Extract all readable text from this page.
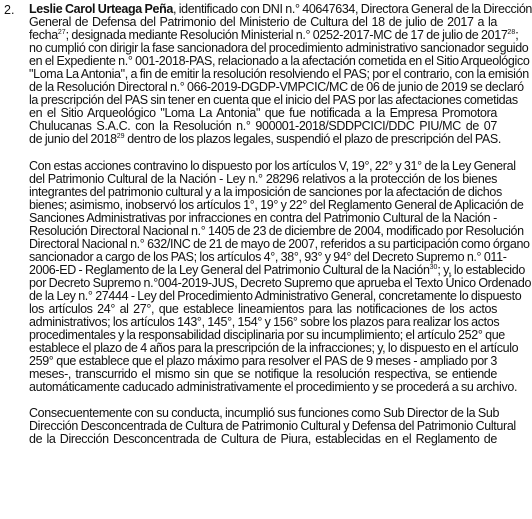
2. Leslie Carol Urteaga Peña, identificado con DNI n.° 40647634, Directora General de la Dirección
General de Defensa del Patrimonio del Ministerio de Cultura del 18 de julio de 2017 a la
fecha$^{27}$; designada mediante Resolución Ministerial n.° 0252-2017-MC de 17 de julio de 2017$^{28}$;
no cumplió con dirigir la fase sancionadora del procedimiento administrativo sancionador seguido
en el Expediente n.° 001-2018-PAS, relacionado a la afectación cometida en el Sitio Arqueológico
"Loma La Antonia", a fin de emitir la resolución resolviendo el PAS; por el contrario, con la emisión
de la Resolución Directoral n.° 066-2019-DGDP-VMPCIC/MC de 06 de junio de 2019 se declaró
la prescripción del PAS sin tener en cuenta que el inicio del PAS por las afectaciones cometidas
en el Sitio Arqueológico "Loma La Antonia" que fue notificada a la Empresa Promotora
Chulucanas S.A.C. con la Resolución n.° 900001-2018/SDDPCICI/DDC PIU/MC de 07
de junio del 2018$^{29}$ dentro de los plazos legales, suspendió el plazo de prescripción del PAS.
Con estas acciones contravino lo dispuesto por los artículos V, 19°, 22° y 31° de la Ley General
del Patrimonio Cultural de la Nación - Ley n.° 28296 relativos a la protección de los bienes
integrantes del patrimonio cultural y a la imposición de sanciones por la afectación de dichos
bienes; asimismo, inobservó los artículos 1°, 19° y 22° del Reglamento General de Aplicación de
Sanciones Administrativas por infracciones en contra del Patrimonio Cultural de la Nación -
Resolución Directoral Nacional n.° 1405 de 23 de diciembre de 2004, modificado por Resolución
Directoral Nacional n.° 632/INC de 21 de mayo de 2007, referidos a su participación como órgano
sancionador a cargo de los PAS; los artículos 4°, 38°, 93° y 94° del Decreto Supremo n.° 011-
2006-ED - Reglamento de la Ley General del Patrimonio Cultural de la Nación$^{30}$; y, lo establecido
por Decreto Supremo n.°004-2019-JUS, Decreto Supremo que aprueba el Texto Único Ordenado
de la Ley n.° 27444 - Ley del Procedimiento Administrativo General, concretamente lo dispuesto
los artículos 24° al 27°, que establece lineamientos para las notificaciones de los actos
administrativos; los artículos 143°, 145°, 154° y 156° sobre los plazos para realizar los actos
procedimentales y la responsabilidad disciplinaria por su incumplimiento; el artículo 252° que
establece el plazo de 4 años para la prescripción de la infracciones; y, lo dispuesto en el artículo
259° que establece que el plazo máximo para resolver el PAS de 9 meses - ampliado por 3
meses-, transcurrido el mismo sin que se notifique la resolución respectiva, se entiende
automáticamente caducado administrativamente el procedimiento y se procederá a su archivo.
Consecuentemente con su conducta, incumplió sus funciones como Sub Director de la Sub
Dirección Desconcentrada de Cultura de Patrimonio Cultural y Defensa del Patrimonio Cultural
de la Dirección Desconcentrada de Cultura de Piura, establecidas en el Reglamento de
